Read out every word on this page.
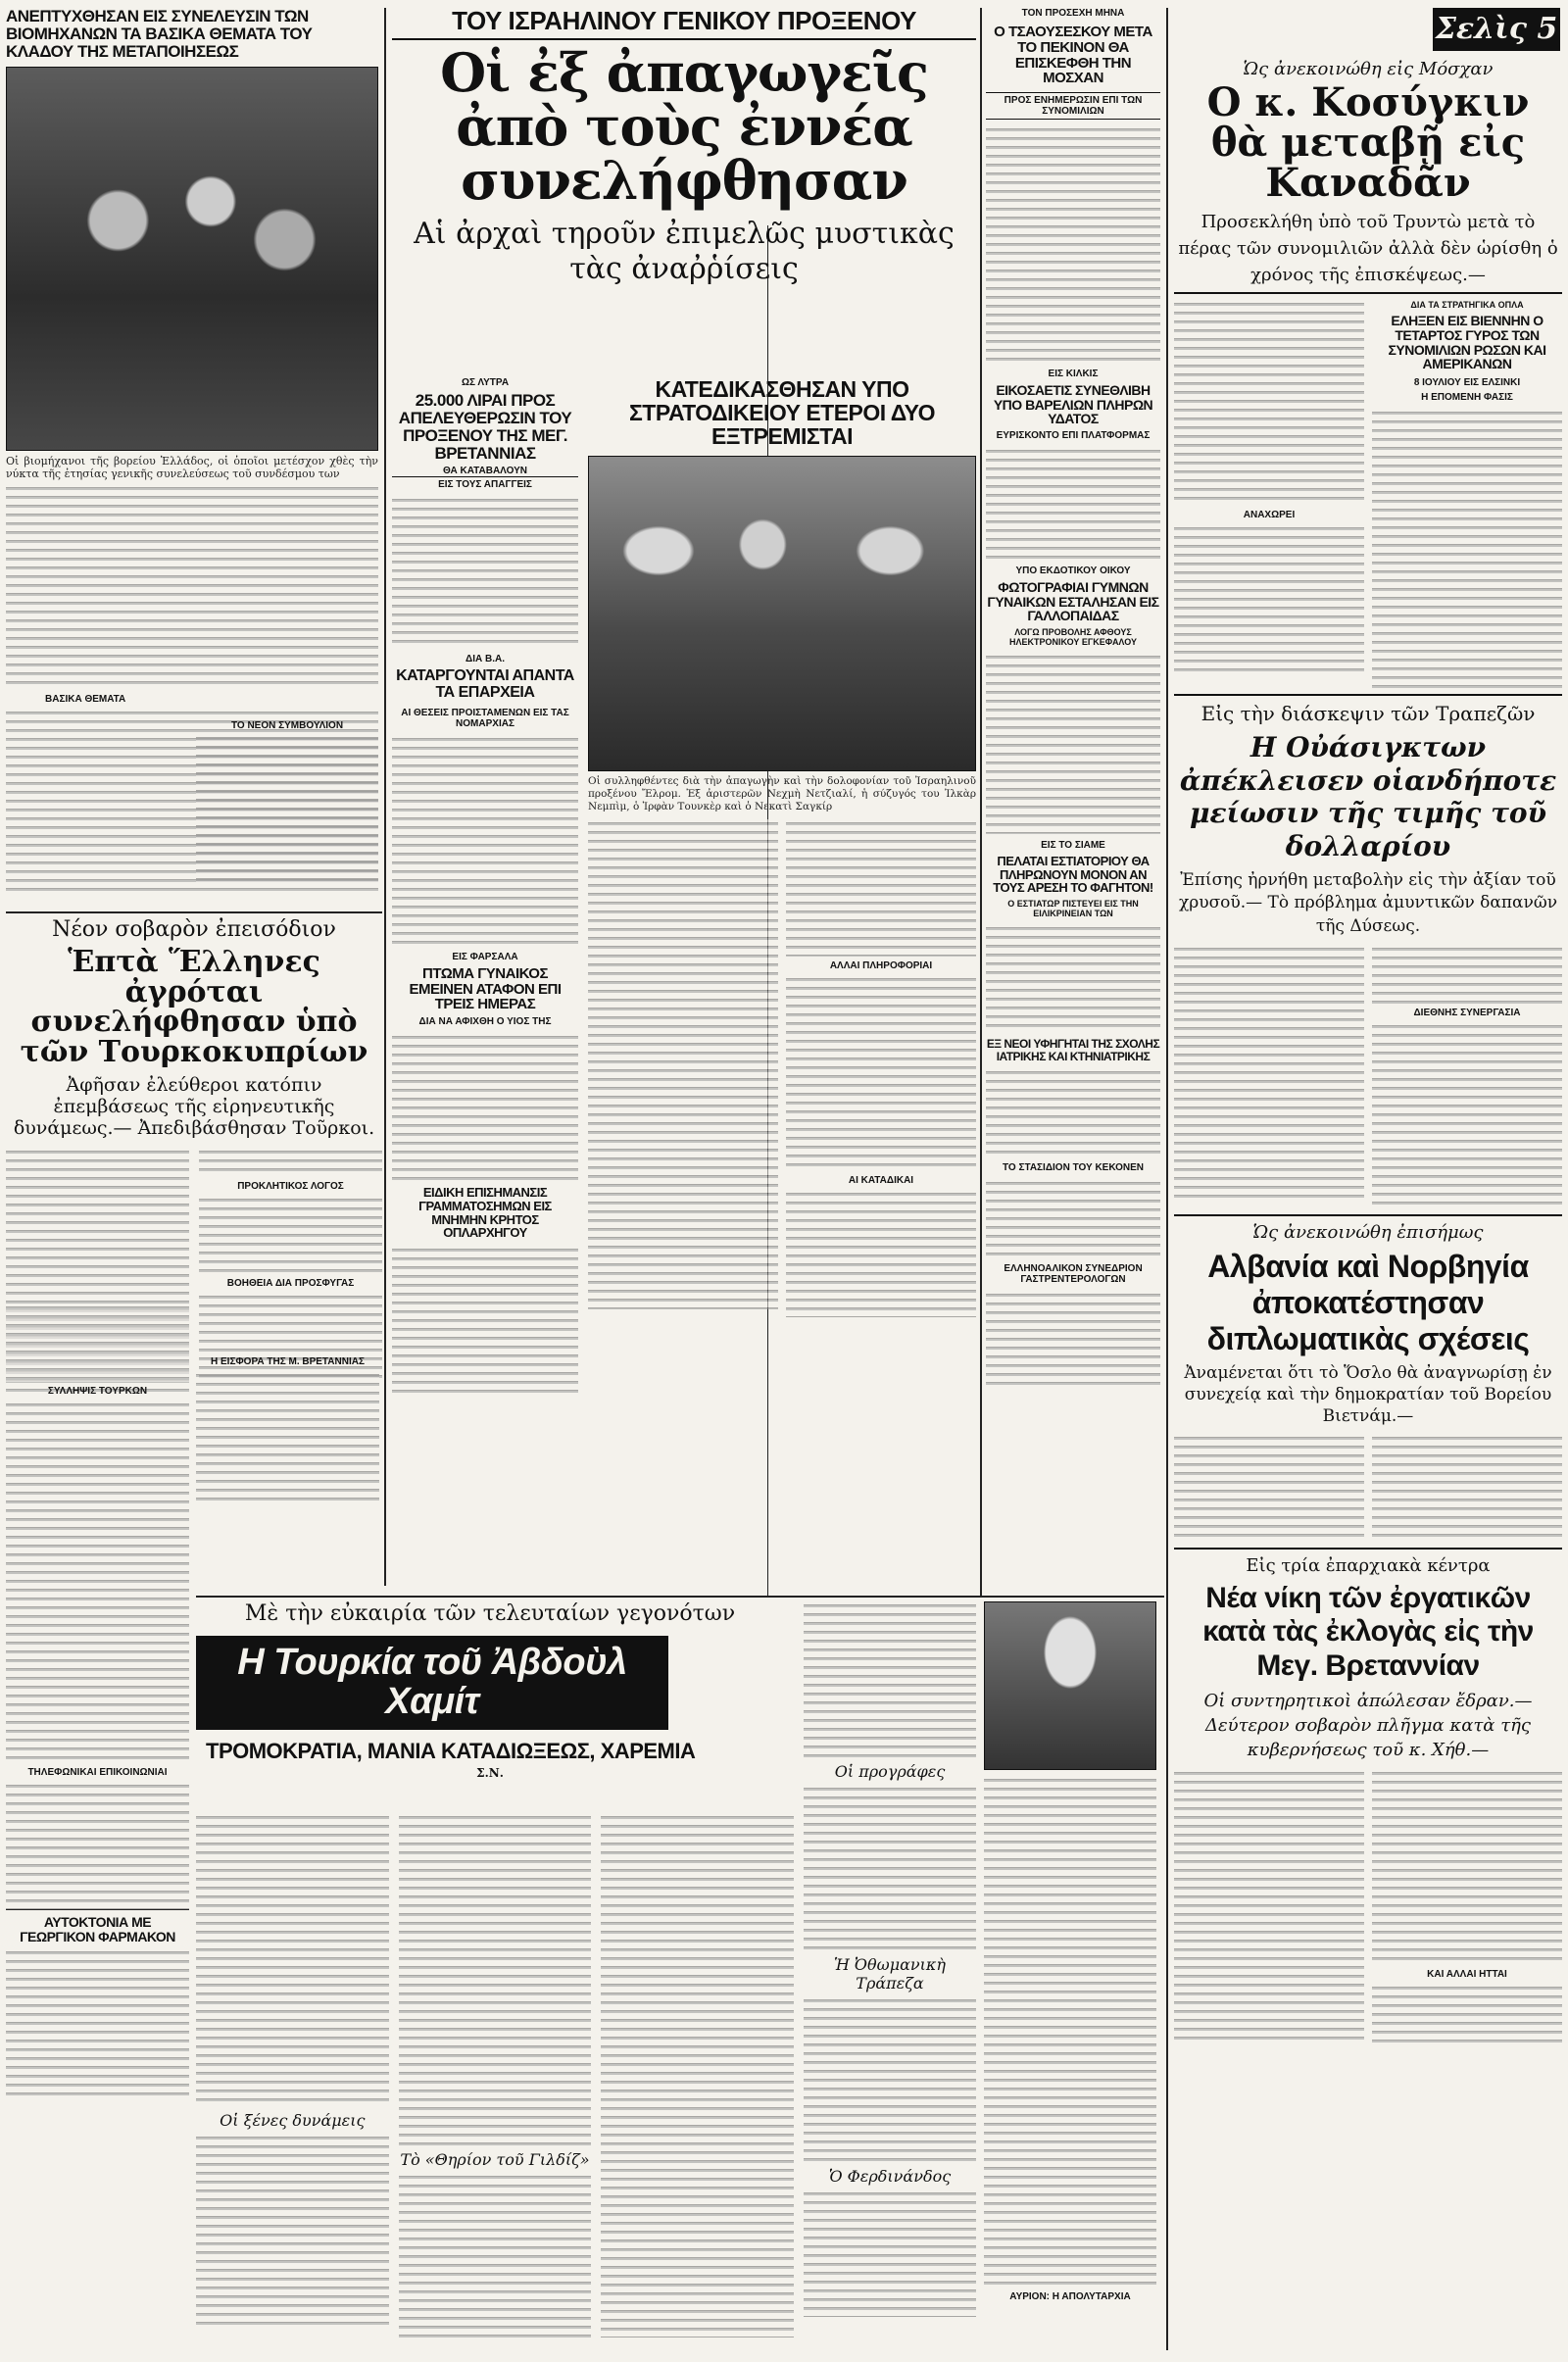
Σελὶς 5
ΑΝΕΠΤΥΧΘΗΣΑΝ ΕΙΣ ΣΥΝΕΛΕΥΣΙΝ ΤΩΝ ΒΙΟΜΗΧΑΝΩΝ ΤΑ ΒΑΣΙΚΑ ΘΕΜΑΤΑ ΤΟΥ ΚΛΑΔΟΥ ΤΗΣ ΜΕΤΑΠΟΙΗΣΕΩΣ
Οἱ βιομήχανοι τῆς βορείου Ἑλλάδος, οἱ ὁποῖοι μετέσχον χθὲς τὴν νύκτα τῆς ἐτησίας γενικῆς συνελεύσεως τοῦ συνδέσμου των
ΒΑΣΙΚΑ ΘΕΜΑΤΑ
ΤΟ ΝΕΟΝ ΣΥΜΒΟΥΛΙΟΝ
Νέον σοβαρὸν ἐπεισόδιον
Ἑπτὰ Ἕλληνες ἀγρόται συνελήφθησαν ὑπὸ τῶν Τουρκοκυπρίων
Ἀφῆσαν ἐλεύθεροι κατόπιν ἐπεμβάσεως τῆς εἰρηνευτικῆς δυνάμεως.— Ἀπεδιβάσθησαν Τοῦρκοι.
ΠΡΟΚΛΗΤΙΚΟΣ ΛΟΓΟΣ
ΒΟΗΘΕΙΑ ΔΙΑ ΠΡΟΣΦΥΓΑΣ
ΣΥΛΛΗΨΙΣ ΤΟΥΡΚΩΝ
ΤΗΛΕΦΩΝΙΚΑΙ ΕΠΙΚΟΙΝΩΝΙΑΙ
ΑΥΤΟΚΤΟΝΙΑ ΜΕ ΓΕΩΡΓΙΚΟΝ ΦΑΡΜΑΚΟΝ
Η ΕΙΣΦΟΡΑ ΤΗΣ Μ. ΒΡΕΤΑΝΝΙΑΣ
ΤΟΥ ΙΣΡΑΗΛΙΝΟΥ ΓΕΝΙΚΟΥ ΠΡΟΞΕΝΟΥ
Οἱ ἐξ ἀπαγωγεῖς ἀπὸ τοὺς ἐννέα συνελήφθησαν
Αἱ ἀρχαὶ τηροῦν ἐπιμελῶς μυστικὰς τὰς ἀναῤῥίσεις
ΩΣ ΛΥΤΡΑ
25.000 ΛΙΡΑΙ ΠΡΟΣ ΑΠΕΛΕΥΘΕΡΩΣΙΝ ΤΟΥ ΠΡΟΞΕΝΟΥ ΤΗΣ ΜΕΓ. ΒΡΕΤΑΝΝΙΑΣ
ΘΑ ΚΑΤΑΒΑΛΟΥΝ
ΕΙΣ ΤΟΥΣ ΑΠΑΓΓΕΙΣ
ΔΙΑ Β.Α.
ΚΑΤΑΡΓΟΥΝΤΑΙ ΑΠΑΝΤΑ ΤΑ ΕΠΑΡΧΕΙΑ
ΑΙ ΘΕΣΕΙΣ ΠΡΟΙΣΤΑΜΕΝΩΝ ΕΙΣ ΤΑΣ ΝΟΜΑΡΧΙΑΣ
ΕΙΣ ΦΑΡΣΑΛΑ
ΠΤΩΜΑ ΓΥΝΑΙΚΟΣ ΕΜΕΙΝΕΝ ΑΤΑΦΟΝ ΕΠΙ ΤΡΕΙΣ ΗΜΕΡΑΣ
ΔΙΑ ΝΑ ΑΦΙΧΘΗ Ο ΥΙΟΣ ΤΗΣ
ΕΙΔΙΚΗ ΕΠΙΣΗΜΑΝΣΙΣ ΓΡΑΜΜΑΤΟΣΗΜΩΝ ΕΙΣ ΜΝΗΜΗΝ ΚΡΗΤΟΣ ΟΠΛΑΡΧΗΓΟΥ
ΚΑΤΕΔΙΚΑΣΘΗΣΑΝ ΥΠΟ ΣΤΡΑΤΟΔΙΚΕΙΟΥ ΕΤΕΡΟΙ ΔΥΟ ΕΞΤΡΕΜΙΣΤΑΙ
Οἱ συλληφθέντες διὰ τὴν ἀπαγωγὴν καὶ τὴν δολοφονίαν τοῦ Ἰσραηλινοῦ προξένου Ἔλρομ. Ἐξ ἀριστερῶν Νεχμὴ Νετζιαλί, ἡ σύζυγός του Ἰλκὰρ Νεμπὶμ, ὁ Ἰρφὰν Τουνκὲρ καὶ ὁ Νεκατὶ Σαγκίρ
ΑΛΛΑΙ ΠΛΗΡΟΦΟΡΙΑΙ
ΑΙ ΚΑΤΑΔΙΚΑΙ
ΤΟΝ ΠΡΟΣΕΧΗ ΜΗΝΑ
Ο ΤΣΑΟΥΣΕΣΚΟΥ ΜΕΤΑ ΤΟ ΠΕΚΙΝΟΝ ΘΑ ΕΠΙΣΚΕΦΘΗ ΤΗΝ ΜΟΣΧΑΝ
ΠΡΟΣ ΕΝΗΜΕΡΩΣΙΝ ΕΠΙ ΤΩΝ ΣΥΝΟΜΙΛΙΩΝ
ΕΙΣ ΚΙΛΚΙΣ
ΕΙΚΟΣΑΕΤΙΣ ΣΥΝΕΘΛΙΒΗ ΥΠΟ ΒΑΡΕΛΙΩΝ ΠΛΗΡΩΝ ΥΔΑΤΟΣ
ΕΥΡΙΣΚΟΝΤΟ ΕΠΙ ΠΛΑΤΦΟΡΜΑΣ
ΥΠΟ ΕΚΔΟΤΙΚΟΥ ΟΙΚΟΥ
ΦΩΤΟΓΡΑΦΙΑΙ ΓΥΜΝΩΝ ΓΥΝΑΙΚΩΝ ΕΣΤΑΛΗΣΑΝ ΕΙΣ ΓΑΛΛΟΠΑΙΔΑΣ
ΛΟΓΩ ΠΡΟΒΟΛΗΣ ΑΦΘΟΥΣ ΗΛΕΚΤΡΟΝΙΚΟΥ ΕΓΚΕΦΑΛΟΥ
ΕΙΣ ΤΟ ΣΙΑΜΕ
ΠΕΛΑΤΑΙ ΕΣΤΙΑΤΟΡΙΟΥ ΘΑ ΠΛΗΡΩΝΟΥΝ ΜΟΝΟΝ ΑΝ ΤΟΥΣ ΑΡΕΣΗ ΤΟ ΦΑΓΗΤΟΝ!
Ο ΕΣΤΙΑΤΩΡ ΠΙΣΤΕΥΕΙ ΕΙΣ ΤΗΝ ΕΙΛΙΚΡΙΝΕΙΑΝ ΤΩΝ
ΕΞ ΝΕΟΙ ΥΦΗΓΗΤΑΙ ΤΗΣ ΣΧΟΛΗΣ ΙΑΤΡΙΚΗΣ ΚΑΙ ΚΤΗΝΙΑΤΡΙΚΗΣ
ΤΟ ΣΤΑΣΙΔΙΟΝ ΤΟΥ ΚΕΚΟΝΕΝ
ΕΛΛΗΝΟΑΛΙΚΟΝ ΣΥΝΕΔΡΙΟΝ ΓΑΣΤΡΕΝΤΕΡΟΛΟΓΩΝ
Ὡς ἀνεκοινώθη εἰς Μόσχαν
Ο κ. Κοσύγκιν θὰ μεταβῇ εἰς Καναδᾶν
Προσεκλήθη ὑπὸ τοῦ Τρυντὼ μετὰ τὸ πέρας τῶν συνομιλιῶν ἀλλὰ δὲν ὡρίσθη ὁ χρόνος τῆς ἐπισκέψεως.—
ΑΝΑΧΩΡΕΙ
ΔΙΑ ΤΑ ΣΤΡΑΤΗΓΙΚΑ ΟΠΛΑ
ΕΛΗΞΕΝ ΕΙΣ ΒΙΕΝΝΗΝ Ο ΤΕΤΑΡΤΟΣ ΓΥΡΟΣ ΤΩΝ ΣΥΝΟΜΙΛΙΩΝ ΡΩΣΩΝ ΚΑΙ ΑΜΕΡΙΚΑΝΩΝ
8 ΙΟΥΛΙΟΥ ΕΙΣ ΕΛΣΙΝΚΙ
Η ΕΠΟΜΕΝΗ ΦΑΣΙΣ
Εἰς τὴν διάσκεψιν τῶν Τραπεζῶν
Η Οὐάσιγκτων ἀπέκλεισεν οἱανδήποτε μείωσιν τῆς τιμῆς τοῦ δολλαρίου
Ἐπίσης ἠρνήθη μεταβολὴν εἰς τὴν ἀξίαν τοῦ χρυσοῦ.— Τὸ πρόβλημα ἀμυντικῶν δαπανῶν τῆς Δύσεως.
ΔΙΕΘΝΗΣ ΣΥΝΕΡΓΑΣΙΑ
Ὡς ἀνεκοινώθη ἐπισήμως
Αλβανία καὶ Νορβηγία ἀποκατέστησαν διπλωματικὰς σχέσεις
Ἀναμένεται ὅτι τὸ Ὅσλο θὰ ἀναγνωρίσῃ ἐν συνεχείᾳ καὶ τὴν δημοκρατίαν τοῦ Βορείου Βιετνάμ.—
Εἰς τρία ἐπαρχιακὰ κέντρα
Νέα νίκη τῶν ἐργατικῶν κατὰ τὰς ἐκλογὰς εἰς τὴν Μεγ. Βρεταννίαν
Οἱ συντηρητικοὶ ἀπώλεσαν ἔδραν.— Δεύτερον σοβαρὸν πλῆγμα κατὰ τῆς κυβερνήσεως τοῦ κ. Χήθ.—
ΚΑΙ ΑΛΛΑΙ ΗΤΤΑΙ
Μὲ τὴν εὐκαιρία τῶν τελευταίων γεγονότων
Η Τουρκία τοῦ Ἀβδοὺλ Χαμίτ
ΤΡΟΜΟΚΡΑΤΙΑ, ΜΑΝΙΑ ΚΑΤΑΔΙΩΞΕΩΣ, ΧΑΡΕΜΙΑ
Σ.Ν.	Οἱ προγράφες
Ἡ Ὀθωμανικὴ Τράπεζα
Ὁ Φερδινάνδος
ΑΥΡΙΟΝ: Η ΑΠΟΛΥΤΑΡΧΙΑ
Οἱ ξένες δυνάμεις
Τὸ «Θηρίον τοῦ Γιλδίζ»
